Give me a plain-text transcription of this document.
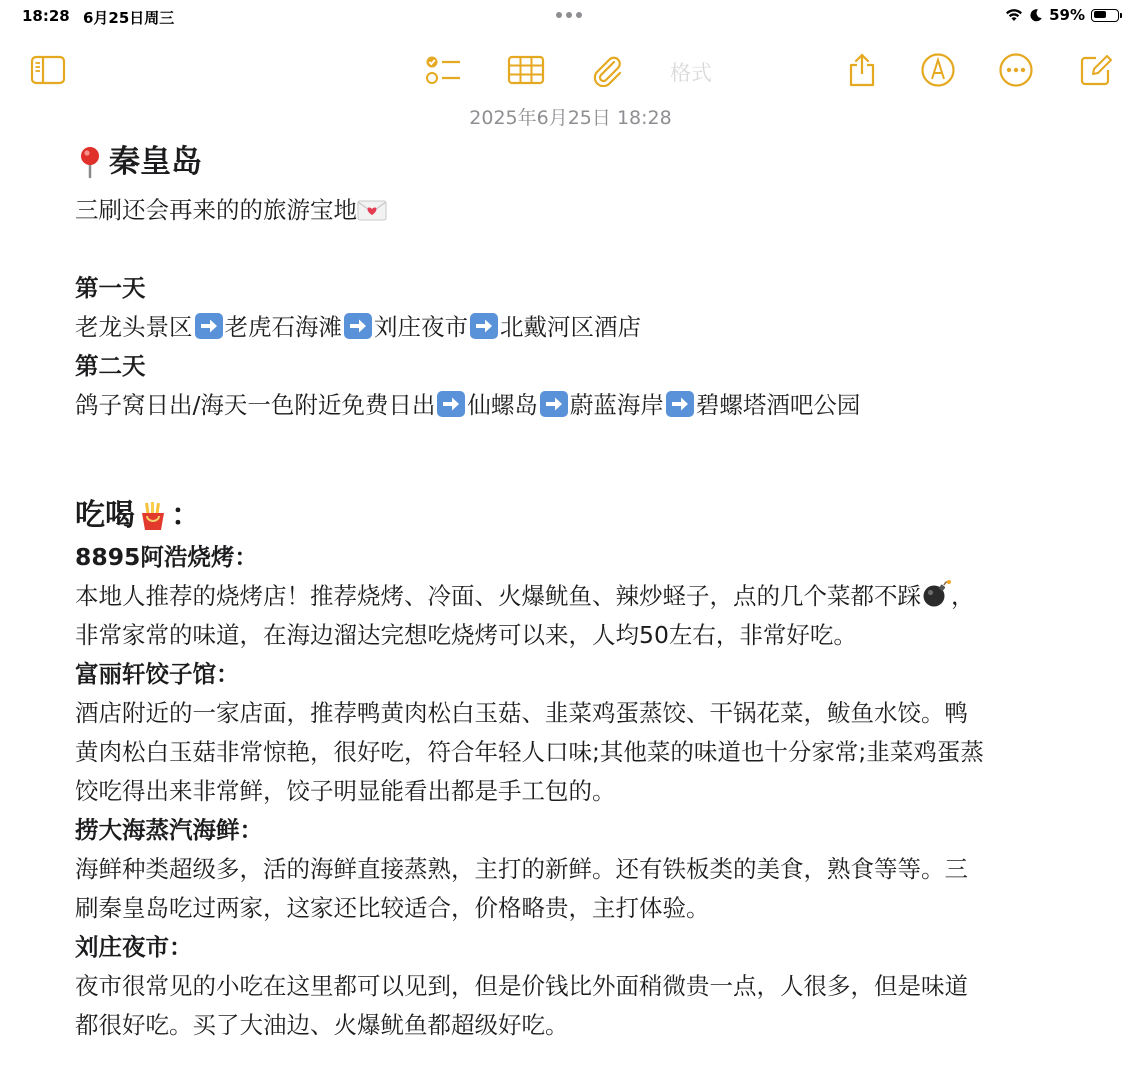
18:28 6月25日周三	59%
格式
2025年6月25日 18:28
秦皇岛
三刷还会再来的的旅游宝地
第一天
老龙头景区 老虎石海滩 刘庄夜市 北戴河区酒店
第二天
鸽子窝日出/海天一色附近免费日出 仙螺岛 蔚蓝海岸 碧螺塔酒吧公园
吃喝 ：
8895阿浩烧烤：
本地人推荐的烧烤店！推荐烧烤、冷面、火爆鱿鱼、辣炒蛏子，点的几个菜都不踩 ，
非常家常的味道，在海边溜达完想吃烧烤可以来，人均50左右，非常好吃。
富丽轩饺子馆：
酒店附近的一家店面，推荐鸭黄肉松白玉菇、韭菜鸡蛋蒸饺、干锅花菜，鲅鱼水饺。鸭
黄肉松白玉菇非常惊艳，很好吃，符合年轻人口味;其他菜的味道也十分家常;韭菜鸡蛋蒸
饺吃得出来非常鲜，饺子明显能看出都是手工包的。
捞大海蒸汽海鲜：
海鲜种类超级多，活的海鲜直接蒸熟，主打的新鲜。还有铁板类的美食，熟食等等。三
刷秦皇岛吃过两家，这家还比较适合，价格略贵，主打体验。
刘庄夜市：
夜市很常见的小吃在这里都可以见到，但是价钱比外面稍微贵一点，人很多，但是味道
都很好吃。买了大油边、火爆鱿鱼都超级好吃。
